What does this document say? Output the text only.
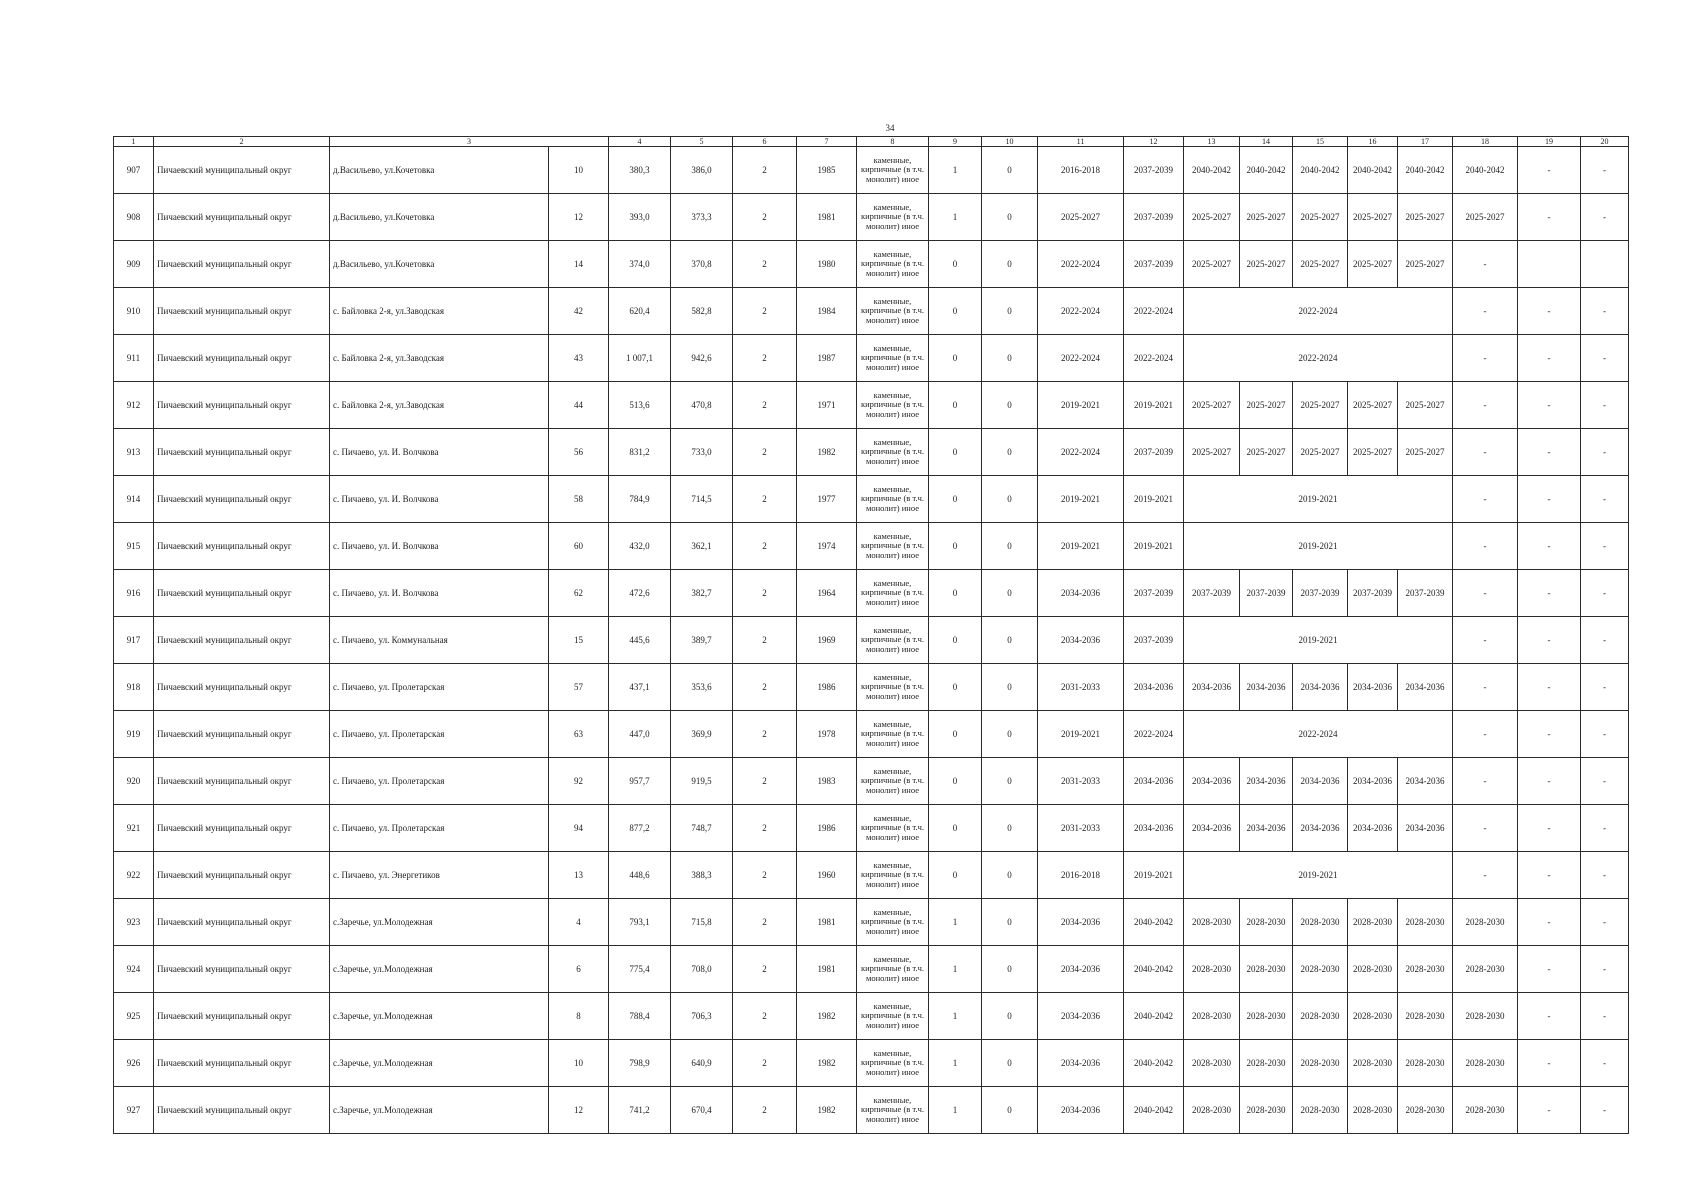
34
1	2	3		4	5	6	7	8	9	10	11	12	13	14	15	16	17	18	19	20
907	Пичаевский муниципальный округ	д.Васильево, ул.Кочетовка	10	380,3	386,0	2	1985	каменные, кирпичные (в т.ч. монолит) иное	1	0	2016-2018	2037-2039	2040-2042	2040-2042	2040-2042	2040-2042	2040-2042	2040-2042	-	-
908	Пичаевский муниципальный округ	д.Васильево, ул.Кочетовка	12	393,0	373,3	2	1981	каменные, кирпичные (в т.ч. монолит) иное	1	0	2025-2027	2037-2039	2025-2027	2025-2027	2025-2027	2025-2027	2025-2027	2025-2027	-	-
909	Пичаевский муниципальный округ	д.Васильево, ул.Кочетовка	14	374,0	370,8	2	1980	каменные, кирпичные (в т.ч. монолит) иное	0	0	2022-2024	2037-2039	2025-2027	2025-2027	2025-2027	2025-2027	2025-2027	-		
910	Пичаевский муниципальный округ	с. Байловка 2-я, ул.Заводская	42	620,4	582,8	2	1984	каменные, кирпичные (в т.ч. монолит) иное	0	0	2022-2024	2022-2024	2022-2024					-	-	-
911	Пичаевский муниципальный округ	с. Байловка 2-я, ул.Заводская	43	1 007,1	942,6	2	1987	каменные, кирпичные (в т.ч. монолит) иное	0	0	2022-2024	2022-2024	2022-2024					-	-	-
912	Пичаевский муниципальный округ	с. Байловка 2-я, ул.Заводская	44	513,6	470,8	2	1971	каменные, кирпичные (в т.ч. монолит) иное	0	0	2019-2021	2019-2021	2025-2027	2025-2027	2025-2027	2025-2027	2025-2027	-	-	-
913	Пичаевский муниципальный округ	с. Пичаево, ул. И. Волчкова	56	831,2	733,0	2	1982	каменные, кирпичные (в т.ч. монолит) иное	0	0	2022-2024	2037-2039	2025-2027	2025-2027	2025-2027	2025-2027	2025-2027	-	-	-
914	Пичаевский муниципальный округ	с. Пичаево, ул. И. Волчкова	58	784,9	714,5	2	1977	каменные, кирпичные (в т.ч. монолит) иное	0	0	2019-2021	2019-2021	2019-2021					-	-	-
915	Пичаевский муниципальный округ	с. Пичаево, ул. И. Волчкова	60	432,0	362,1	2	1974	каменные, кирпичные (в т.ч. монолит) иное	0	0	2019-2021	2019-2021	2019-2021					-	-	-
916	Пичаевский муниципальный округ	с. Пичаево, ул. И. Волчкова	62	472,6	382,7	2	1964	каменные, кирпичные (в т.ч. монолит) иное	0	0	2034-2036	2037-2039	2037-2039	2037-2039	2037-2039	2037-2039	2037-2039	-	-	-
917	Пичаевский муниципальный округ	с. Пичаево, ул. Коммунальная	15	445,6	389,7	2	1969	каменные, кирпичные (в т.ч. монолит) иное	0	0	2034-2036	2037-2039	2019-2021					-	-	-
918	Пичаевский муниципальный округ	с. Пичаево, ул. Пролетарская	57	437,1	353,6	2	1986	каменные, кирпичные (в т.ч. монолит) иное	0	0	2031-2033	2034-2036	2034-2036	2034-2036	2034-2036	2034-2036	2034-2036	-	-	-
919	Пичаевский муниципальный округ	с. Пичаево, ул. Пролетарская	63	447,0	369,9	2	1978	каменные, кирпичные (в т.ч. монолит) иное	0	0	2019-2021	2022-2024	2022-2024					-	-	-
920	Пичаевский муниципальный округ	с. Пичаево, ул. Пролетарская	92	957,7	919,5	2	1983	каменные, кирпичные (в т.ч. монолит) иное	0	0	2031-2033	2034-2036	2034-2036	2034-2036	2034-2036	2034-2036	2034-2036	-	-	-
921	Пичаевский муниципальный округ	с. Пичаево, ул. Пролетарская	94	877,2	748,7	2	1986	каменные, кирпичные (в т.ч. монолит) иное	0	0	2031-2033	2034-2036	2034-2036	2034-2036	2034-2036	2034-2036	2034-2036	-	-	-
922	Пичаевский муниципальный округ	с. Пичаево, ул. Энергетиков	13	448,6	388,3	2	1960	каменные, кирпичные (в т.ч. монолит) иное	0	0	2016-2018	2019-2021	2019-2021					-	-	-
923	Пичаевский муниципальный округ	с.Заречье, ул.Молодежная	4	793,1	715,8	2	1981	каменные, кирпичные (в т.ч. монолит) иное	1	0	2034-2036	2040-2042	2028-2030	2028-2030	2028-2030	2028-2030	2028-2030	2028-2030	-	-
924	Пичаевский муниципальный округ	с.Заречье, ул.Молодежная	6	775,4	708,0	2	1981	каменные, кирпичные (в т.ч. монолит) иное	1	0	2034-2036	2040-2042	2028-2030	2028-2030	2028-2030	2028-2030	2028-2030	2028-2030	-	-
925	Пичаевский муниципальный округ	с.Заречье, ул.Молодежная	8	788,4	706,3	2	1982	каменные, кирпичные (в т.ч. монолит) иное	1	0	2034-2036	2040-2042	2028-2030	2028-2030	2028-2030	2028-2030	2028-2030	2028-2030	-	-
926	Пичаевский муниципальный округ	с.Заречье, ул.Молодежная	10	798,9	640,9	2	1982	каменные, кирпичные (в т.ч. монолит) иное	1	0	2034-2036	2040-2042	2028-2030	2028-2030	2028-2030	2028-2030	2028-2030	2028-2030	-	-
927	Пичаевский муниципальный округ	с.Заречье, ул.Молодежная	12	741,2	670,4	2	1982	каменные, кирпичные (в т.ч. монолит) иное	1	0	2034-2036	2040-2042	2028-2030	2028-2030	2028-2030	2028-2030	2028-2030	2028-2030	-	-
